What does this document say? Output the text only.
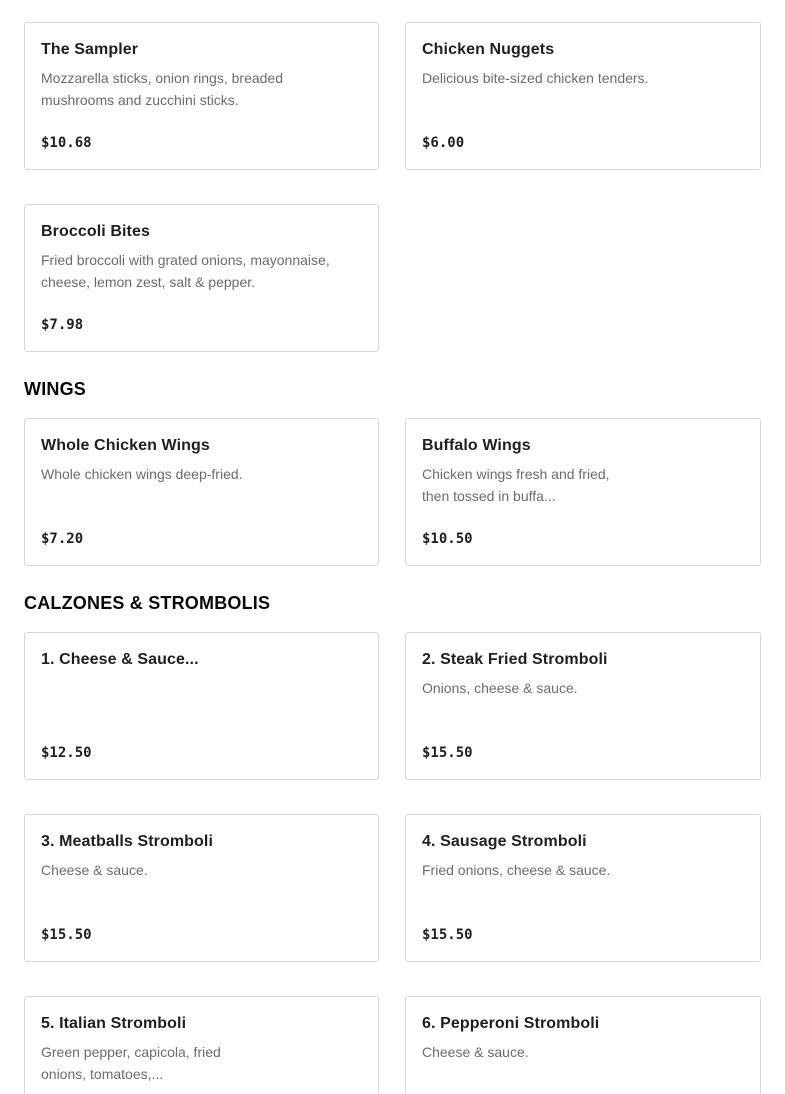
The Sampler
Mozzarella sticks, onion rings, breaded mushrooms and zucchini sticks.
$10.68
Chicken Nuggets
Delicious bite-sized chicken tenders.
$6.00
Broccoli Bites
Fried broccoli with grated onions, mayonnaise, cheese, lemon zest, salt & pepper.
$7.98
WINGS
Whole Chicken Wings
Whole chicken wings deep-fried.
$7.20
Buffalo Wings
Chicken wings fresh and fried, then tossed in buffa...
$10.50
CALZONES & STROMBOLIS
1. Cheese & Sauce...
$12.50
2. Steak Fried Stromboli
Onions, cheese & sauce.
$15.50
3. Meatballs Stromboli
Cheese & sauce.
$15.50
4. Sausage Stromboli
Fried onions, cheese & sauce.
$15.50
5. Italian Stromboli
Green pepper, capicola, fried onions, tomatoes,...
6. Pepperoni Stromboli
Cheese & sauce.
